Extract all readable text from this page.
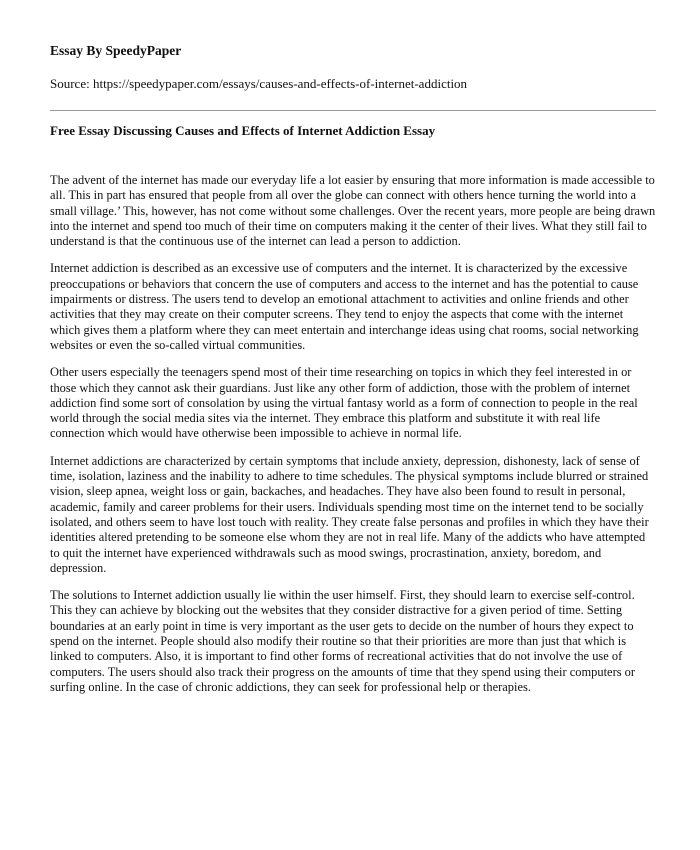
Essay By SpeedyPaper
Source: https://speedypaper.com/essays/causes-and-effects-of-internet-addiction
Free Essay Discussing Causes and Effects of Internet Addiction Essay

The advent of the internet has made our everyday life a lot easier by ensuring that more information is made accessible to all. This in part has ensured that people from all over the globe can connect with others hence turning the world into a small village.’ This, however, has not come without some challenges. Over the recent years, more people are being drawn into the internet and spend too much of their time on computers making it the center of their lives. What they still fail to understand is that the continuous use of the internet can lead a person to addiction.

Internet addiction is described as an excessive use of computers and the internet. It is characterized by the excessive preoccupations or behaviors that concern the use of computers and access to the internet and has the potential to cause impairments or distress. The users tend to develop an emotional attachment to activities and online friends and other activities that they may create on their computer screens. They tend to enjoy the aspects that come with the internet which gives them a platform where they can meet entertain and interchange ideas using chat rooms, social networking websites or even the so-called virtual communities.

Other users especially the teenagers spend most of their time researching on topics in which they feel interested in or those which they cannot ask their guardians. Just like any other form of addiction, those with the problem of internet addiction find some sort of consolation by using the virtual fantasy world as a form of connection to people in the real world through the social media sites via the internet. They embrace this platform and substitute it with real life connection which would have otherwise been impossible to achieve in normal life.

Internet addictions are characterized by certain symptoms that include anxiety, depression, dishonesty, lack of sense of time, isolation, laziness and the inability to adhere to time schedules. The physical symptoms include blurred or strained vision, sleep apnea, weight loss or gain, backaches, and headaches. They have also been found to result in personal, academic, family and career problems for their users. Individuals spending most time on the internet tend to be socially isolated, and others seem to have lost touch with reality. They create false personas and profiles in which they have their identities altered pretending to be someone else whom they are not in real life. Many of the addicts who have attempted to quit the internet have experienced withdrawals such as mood swings, procrastination, anxiety, boredom, and depression.

The solutions to Internet addiction usually lie within the user himself. First, they should learn to exercise self-control. This they can achieve by blocking out the websites that they consider distractive for a given period of time. Setting boundaries at an early point in time is very important as the user gets to decide on the number of hours they expect to spend on the internet. People should also modify their routine so that their priorities are more than just that which is linked to computers. Also, it is important to find other forms of recreational activities that do not involve the use of computers. The users should also track their progress on the amounts of time that they spend using their computers or surfing online. In the case of chronic addictions, they can seek for professional help or therapies.
